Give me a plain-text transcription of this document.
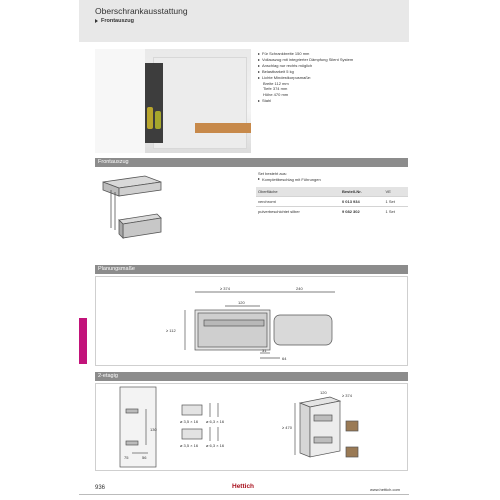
Oberschrankausstattung
Frontauszug
Für Schrankbreite 150 mm
Vollauszug mit integrierter Dämpfung Silent System
Anschlag nur rechts möglich
Belastbarkeit 5 kg
Lichte Mindestkorpusmaße:
Breite 112 mm
Tiefe 374 mm
Höhe 470 mm
Stahl
Frontauszug
Set besteht aus:
Komplettbeschlag mit Führungen
Oberfläche	Bestell-Nr.	VE
verchromt	0 013 934	1 Set
pulverbeschichtet silber	9 082 302	1 Set
Planungsmaße
≥ 374
120
240
≥ 112
31
64
2-etagig
130
75	56
ø 3,5 × 16 ø 6,3 × 16
ø 3,5 × 16 ø 6,3 × 16
≥ 470
120
≥ 374
936	Hettich	www.hettich.com
